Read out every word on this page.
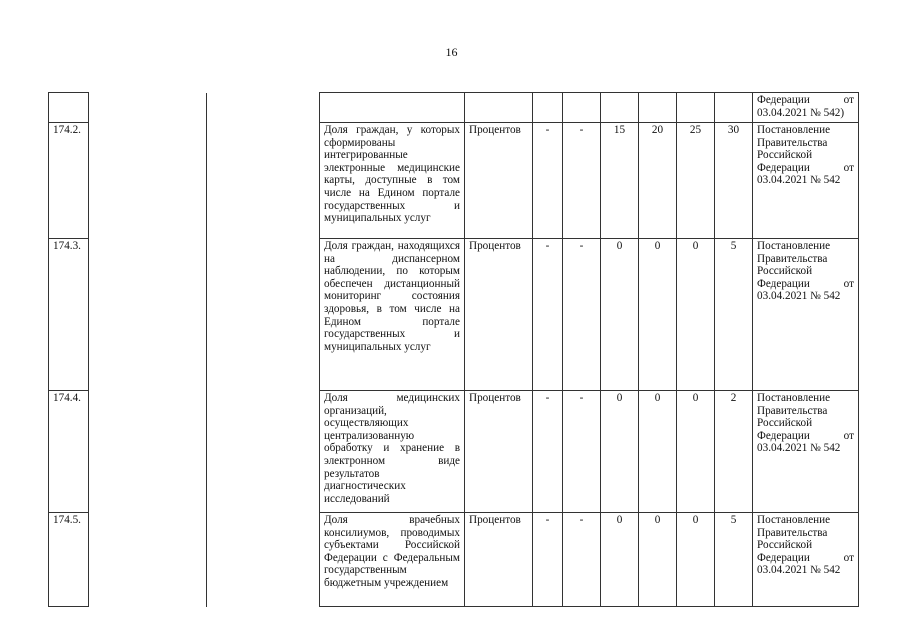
16

											Федерации от
03.04.2021 № 542)

174.2.			Доля граждан, у которых сформированы интегрированные электронные медицинские карты, доступные в том числе на Едином портале государственных и муниципальных услуг	Процентов	-	-	15	20	25	30	Постановление Правительства Российской Федерации от 03.04.2021 № 542
174.3.			Доля граждан, находящихся на диспансерном наблюдении, по которым обеспечен дистанционный мониторинг состояния здоровья, в том числе на Едином портале государственных и муниципальных услуг	Процентов	-	-	0	0	0	5	Постановление Правительства Российской Федерации от 03.04.2021 № 542
174.4.			Доля медицинских организаций, осуществляющих централизованную обработку и хранение в электронном виде результатов диагностических исследований	Процентов	-	-	0	0	0	2	Постановление Правительства Российской Федерации от 03.04.2021 № 542
174.5.			Доля врачебных консилиумов, проводимых субъектами Российской Федерации с Федеральным государственным бюджетным учреждением	Процентов	-	-	0	0	0	5	Постановление Правительства Российской Федерации от 03.04.2021 № 542
